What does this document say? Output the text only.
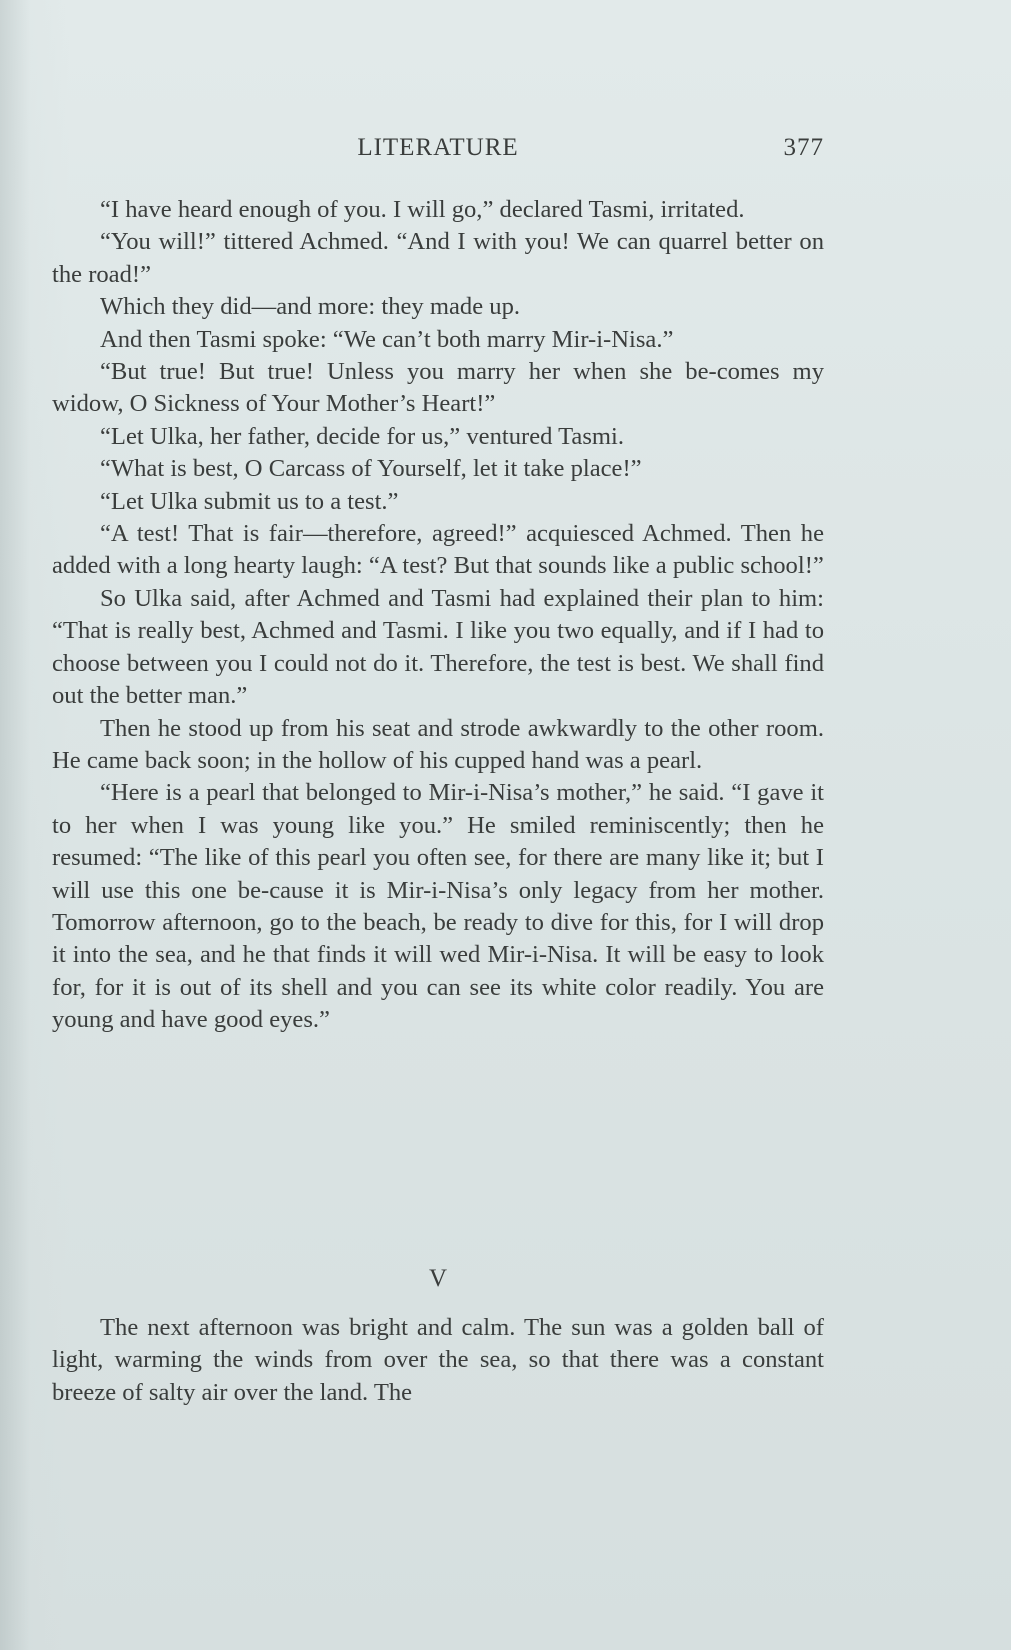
LITERATURE	377

“I have heard enough of you. I will go,” declared Tasmi, irritated.

“You will!” tittered Achmed. “And I with you! We can quarrel better on the road!”

Which they did—and more: they made up.

And then Tasmi spoke: “We can’t both marry Mir-i-Nisa.”

“But true! But true! Unless you marry her when she be-comes my widow, O Sickness of Your Mother’s Heart!”

“Let Ulka, her father, decide for us,” ventured Tasmi.

“What is best, O Carcass of Yourself, let it take place!”

“Let Ulka submit us to a test.”

“A test! That is fair—therefore, agreed!” acquiesced Achmed. Then he added with a long hearty laugh: “A test? But that sounds like a public school!”

So Ulka said, after Achmed and Tasmi had explained their plan to him: “That is really best, Achmed and Tasmi. I like you two equally, and if I had to choose between you I could not do it. Therefore, the test is best. We shall find out the better man.”

Then he stood up from his seat and strode awkwardly to the other room. He came back soon; in the hollow of his cupped hand was a pearl.

“Here is a pearl that belonged to Mir-i-Nisa’s mother,” he said. “I gave it to her when I was young like you.” He smiled reminiscently; then he resumed: “The like of this pearl you often see, for there are many like it; but I will use this one be-cause it is Mir-i-Nisa’s only legacy from her mother. Tomorrow afternoon, go to the beach, be ready to dive for this, for I will drop it into the sea, and he that finds it will wed Mir-i-Nisa. It will be easy to look for, for it is out of its shell and you can see its white color readily. You are young and have good eyes.”

V

The next afternoon was bright and calm. The sun was a golden ball of light, warming the winds from over the sea, so that there was a constant breeze of salty air over the land. The
